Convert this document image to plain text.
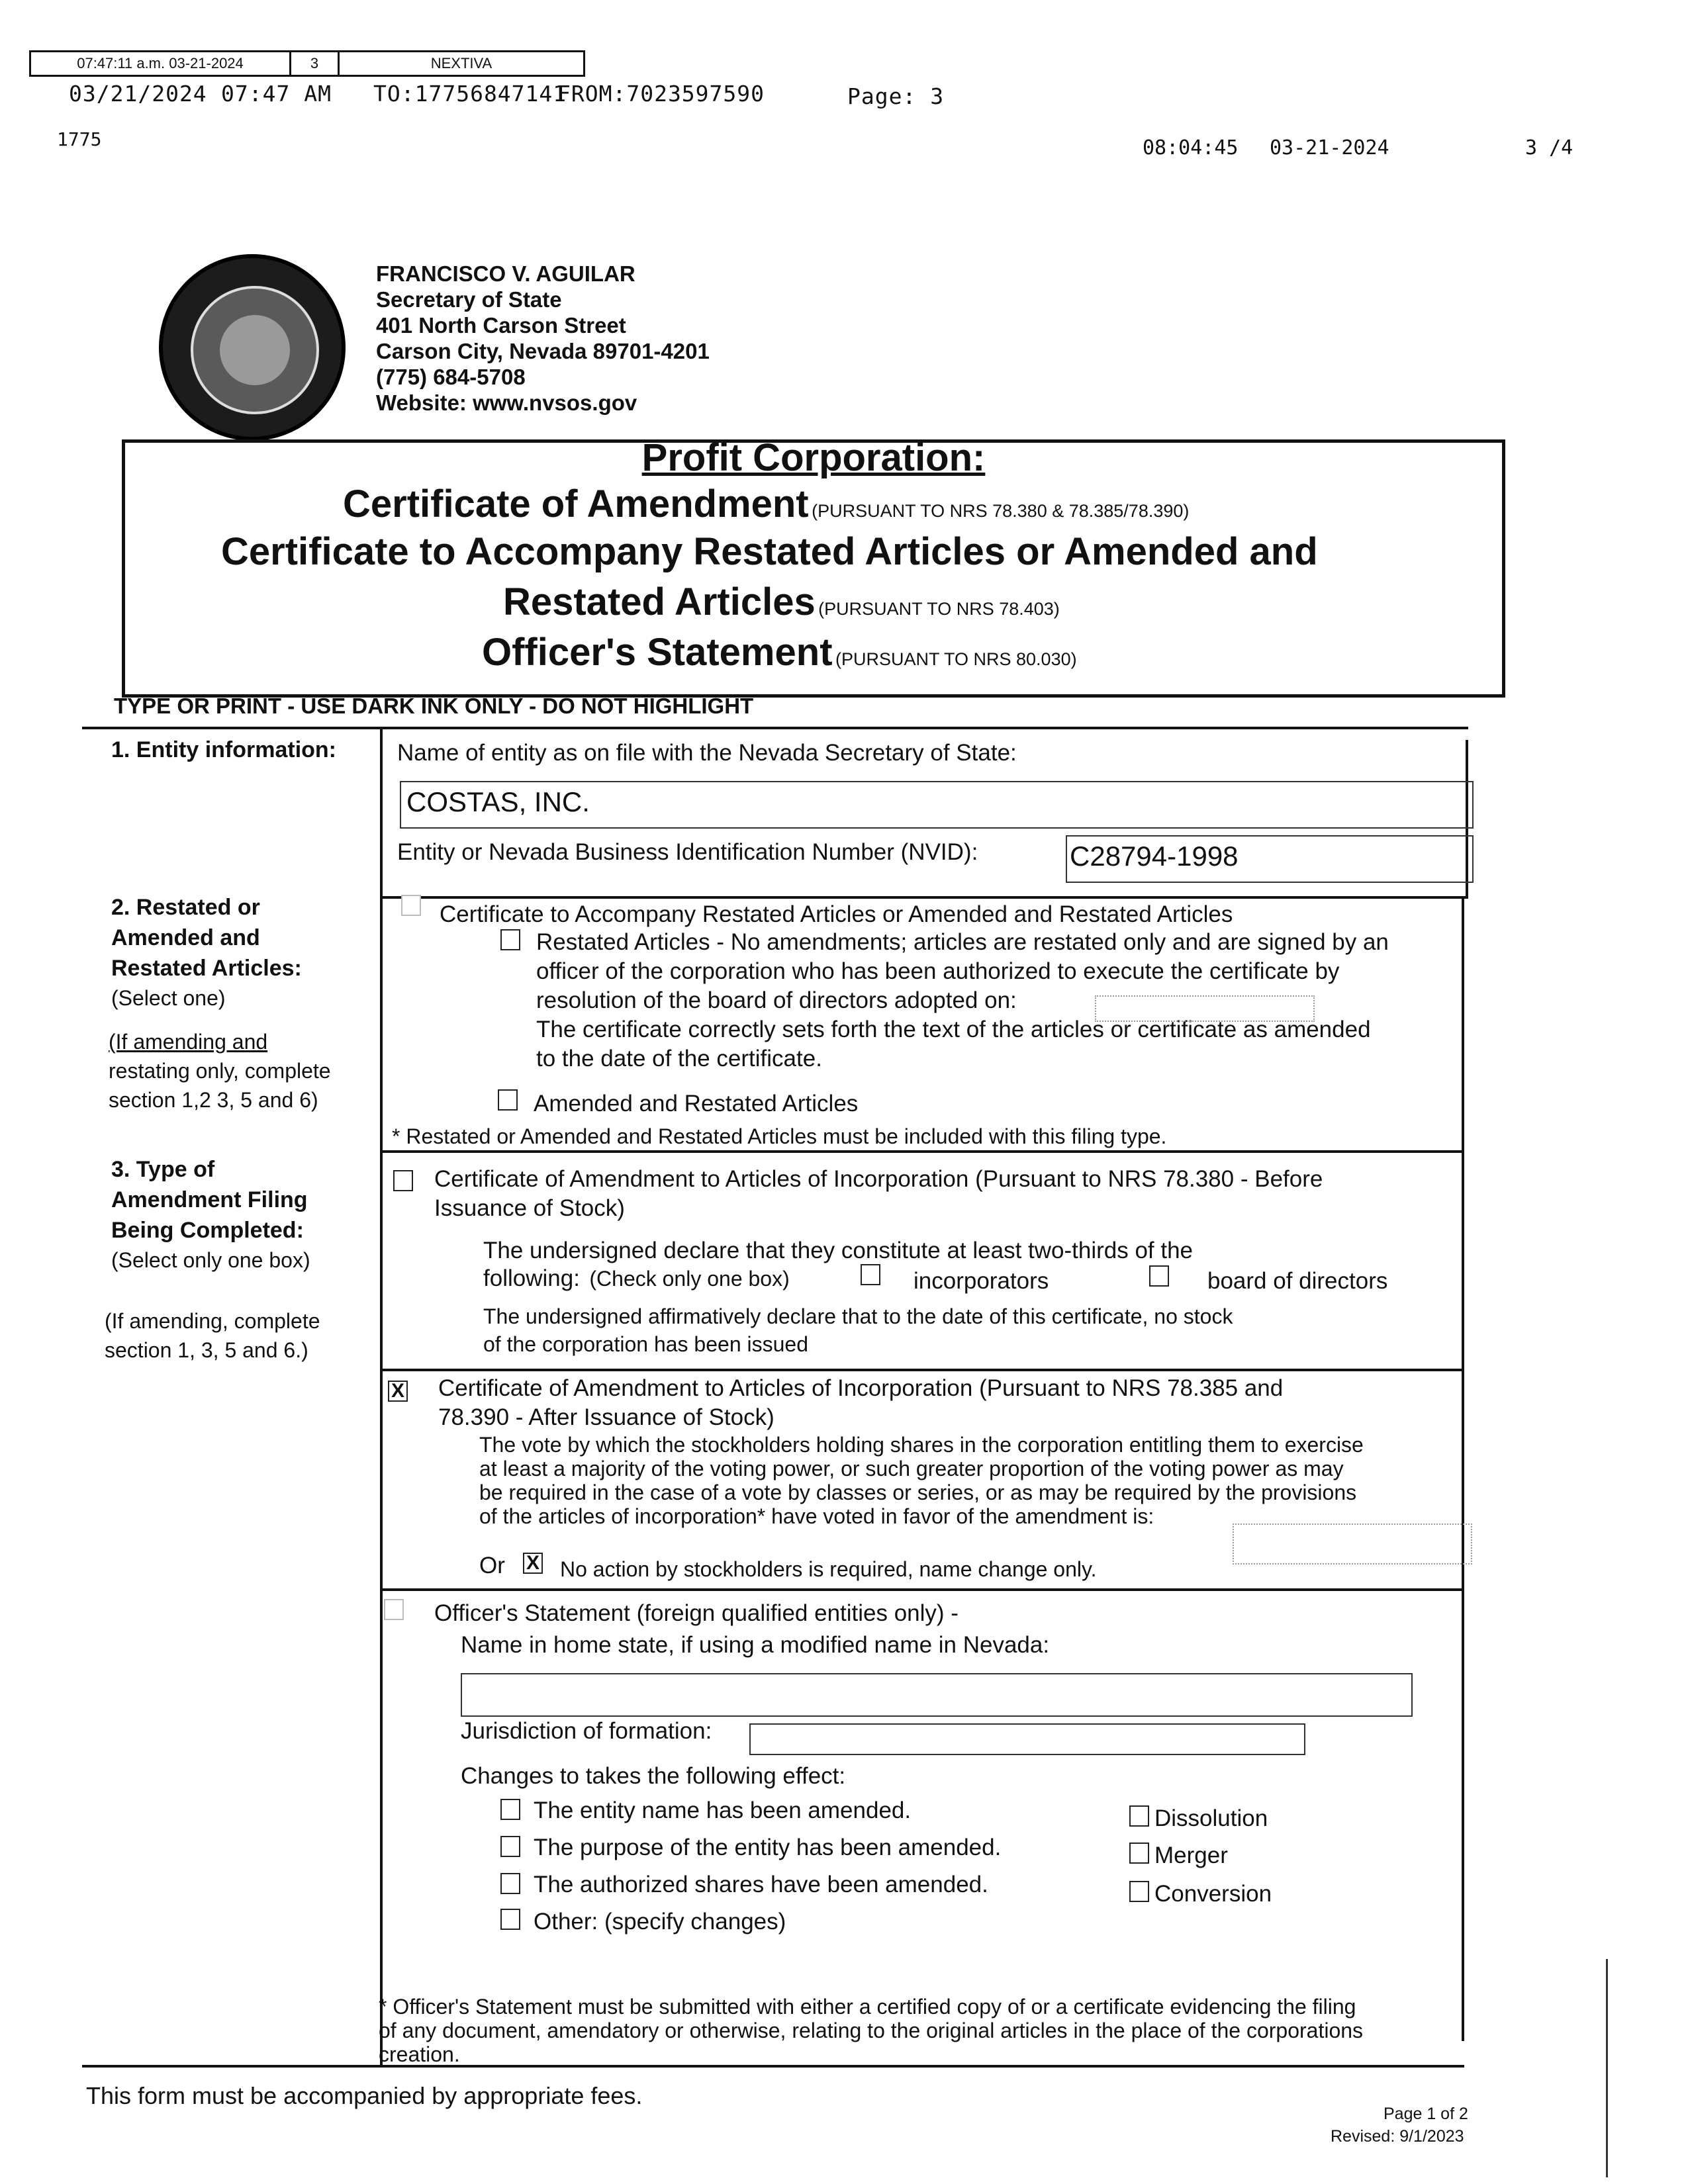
07:47:11 a.m. 03-21-2024	3	NEXTIVA
03/21/2024 07:47 AM TO:17756847141
FROM:7023597590	Page: 3
1775	08:04:45 03-21-2024	3 /4
FRANCISCO V. AGUILAR
Secretary of State
401 North Carson Street
Carson City, Nevada 89701-4201
(775) 684-5708
Website: www.nvsos.gov
Profit Corporation:
Certificate of Amendment (PURSUANT TO NRS 78.380 & 78.385/78.390)
Certificate to Accompany Restated Articles or Amended and
Restated Articles (PURSUANT TO NRS 78.403)
Officer's Statement (PURSUANT TO NRS 80.030)
TYPE OR PRINT - USE DARK INK ONLY - DO NOT HIGHLIGHT
1. Entity information:	Name of entity as on file with the Nevada Secretary of State:
COSTAS, INC.
Entity or Nevada Business Identification Number (NVID):	C28794-1998
2. Restated or
Amended and
Restated Articles:
(Select one)
(If amending and
restating only, complete
section 1,2 3, 5 and 6)
Certificate to Accompany Restated Articles or Amended and Restated Articles
Restated Articles - No amendments; articles are restated only and are signed by an
officer of the corporation who has been authorized to execute the certificate by
resolution of the board of directors adopted on:
The certificate correctly sets forth the text of the articles or certificate as amended
to the date of the certificate.
Amended and Restated Articles
* Restated or Amended and Restated Articles must be included with this filing type.
3. Type of
Amendment Filing
Being Completed:
(Select only one box)
(If amending, complete
section 1, 3, 5 and 6.)
Certificate of Amendment to Articles of Incorporation (Pursuant to NRS 78.380 - Before
Issuance of Stock)
The undersigned declare that they constitute at least two-thirds of the
following: (Check only one box)	incorporators	board of directors
The undersigned affirmatively declare that to the date of this certificate, no stock
of the corporation has been issued
X Certificate of Amendment to Articles of Incorporation (Pursuant to NRS 78.385 and
78.390 - After Issuance of Stock)
The vote by which the stockholders holding shares in the corporation entitling them to exercise
at least a majority of the voting power, or such greater proportion of the voting power as may
be required in the case of a vote by classes or series, or as may be required by the provisions
of the articles of incorporation* have voted in favor of the amendment is:
Or X No action by stockholders is required, name change only.
Officer's Statement (foreign qualified entities only) -
Name in home state, if using a modified name in Nevada:
Jurisdiction of formation:
Changes to takes the following effect:
The entity name has been amended.
The purpose of the entity has been amended.
The authorized shares have been amended.
Other: (specify changes)
Dissolution
Merger
Conversion
* Officer's Statement must be submitted with either a certified copy of or a certificate evidencing the filing
of any document, amendatory or otherwise, relating to the original articles in the place of the corporations
creation.
This form must be accompanied by appropriate fees.
Page 1 of 2
Revised: 9/1/2023
